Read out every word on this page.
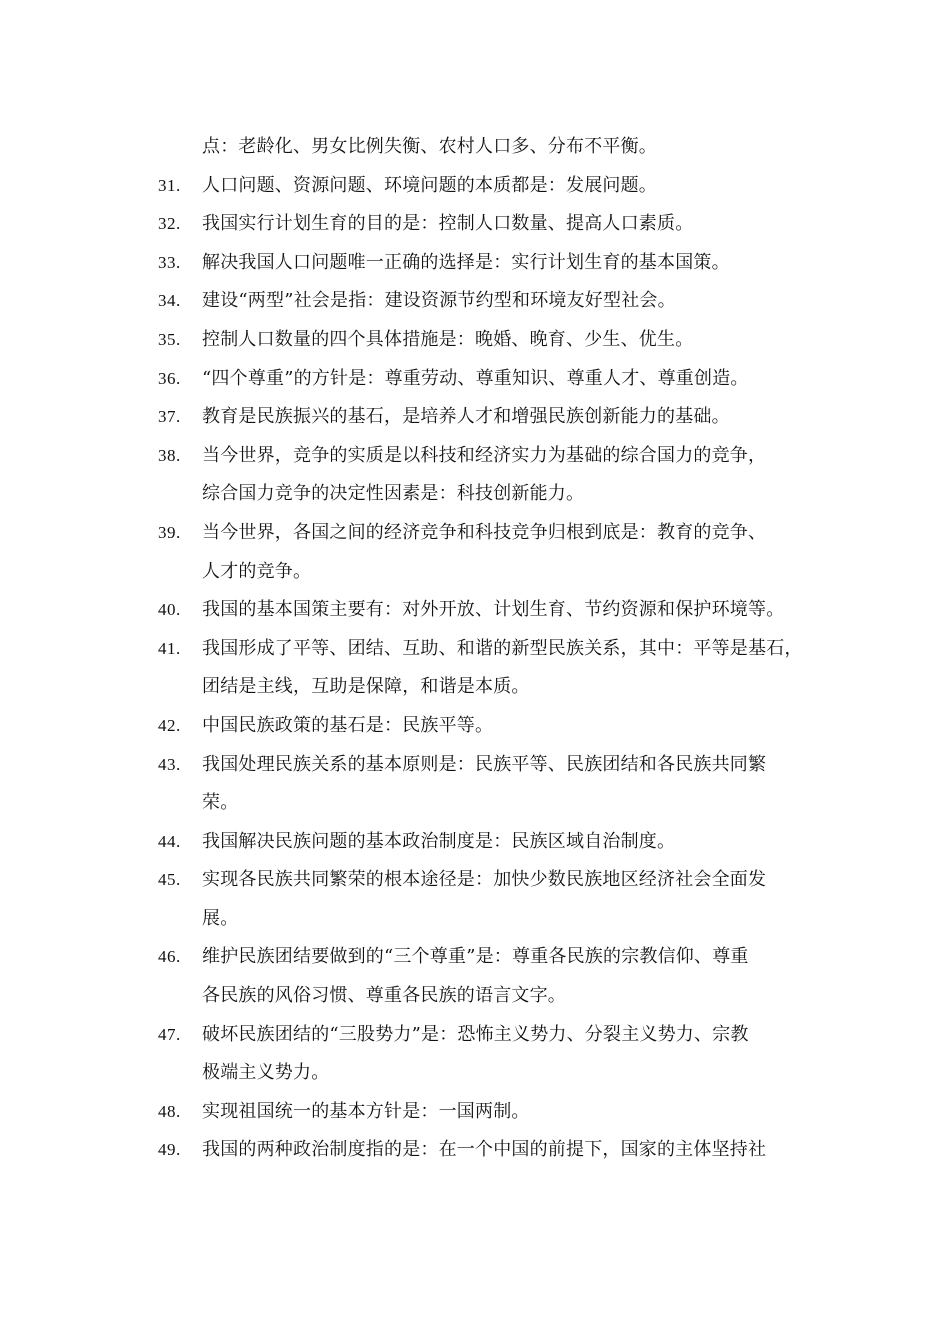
点：老龄化、男女比例失衡、农村人口多、分布不平衡。
31.	人口问题、资源问题、环境问题的本质都是：发展问题。
32.	我国实行计划生育的目的是：控制人口数量、提高人口素质。
33.	解决我国人口问题唯一正确的选择是：实行计划生育的基本国策。
34.	建设“两型”社会是指：建设资源节约型和环境友好型社会。
35.	控制人口数量的四个具体措施是：晚婚、晚育、少生、优生。
36.	“四个尊重”的方针是：尊重劳动、尊重知识、尊重人才、尊重创造。
37.	教育是民族振兴的基石，是培养人才和增强民族创新能力的基础。
38.	当今世界，竞争的实质是以科技和经济实力为基础的综合国力的竞争，
综合国力竞争的决定性因素是：科技创新能力。
39.	当今世界，各国之间的经济竞争和科技竞争归根到底是：教育的竞争、
人才的竞争。
40.	我国的基本国策主要有：对外开放、计划生育、节约资源和保护环境等。
41.	我国形成了平等、团结、互助、和谐的新型民族关系，其中：平等是基石，
团结是主线，互助是保障，和谐是本质。
42.	中国民族政策的基石是：民族平等。
43.	我国处理民族关系的基本原则是：民族平等、民族团结和各民族共同繁
荣。
44.	我国解决民族问题的基本政治制度是：民族区域自治制度。
45.	实现各民族共同繁荣的根本途径是：加快少数民族地区经济社会全面发
展。
46.	维护民族团结要做到的“三个尊重”是：尊重各民族的宗教信仰、尊重
各民族的风俗习惯、尊重各民族的语言文字。
47.	破坏民族团结的“三股势力”是：恐怖主义势力、分裂主义势力、宗教
极端主义势力。
48.	实现祖国统一的基本方针是：一国两制。
49.	我国的两种政治制度指的是：在一个中国的前提下，国家的主体坚持社
